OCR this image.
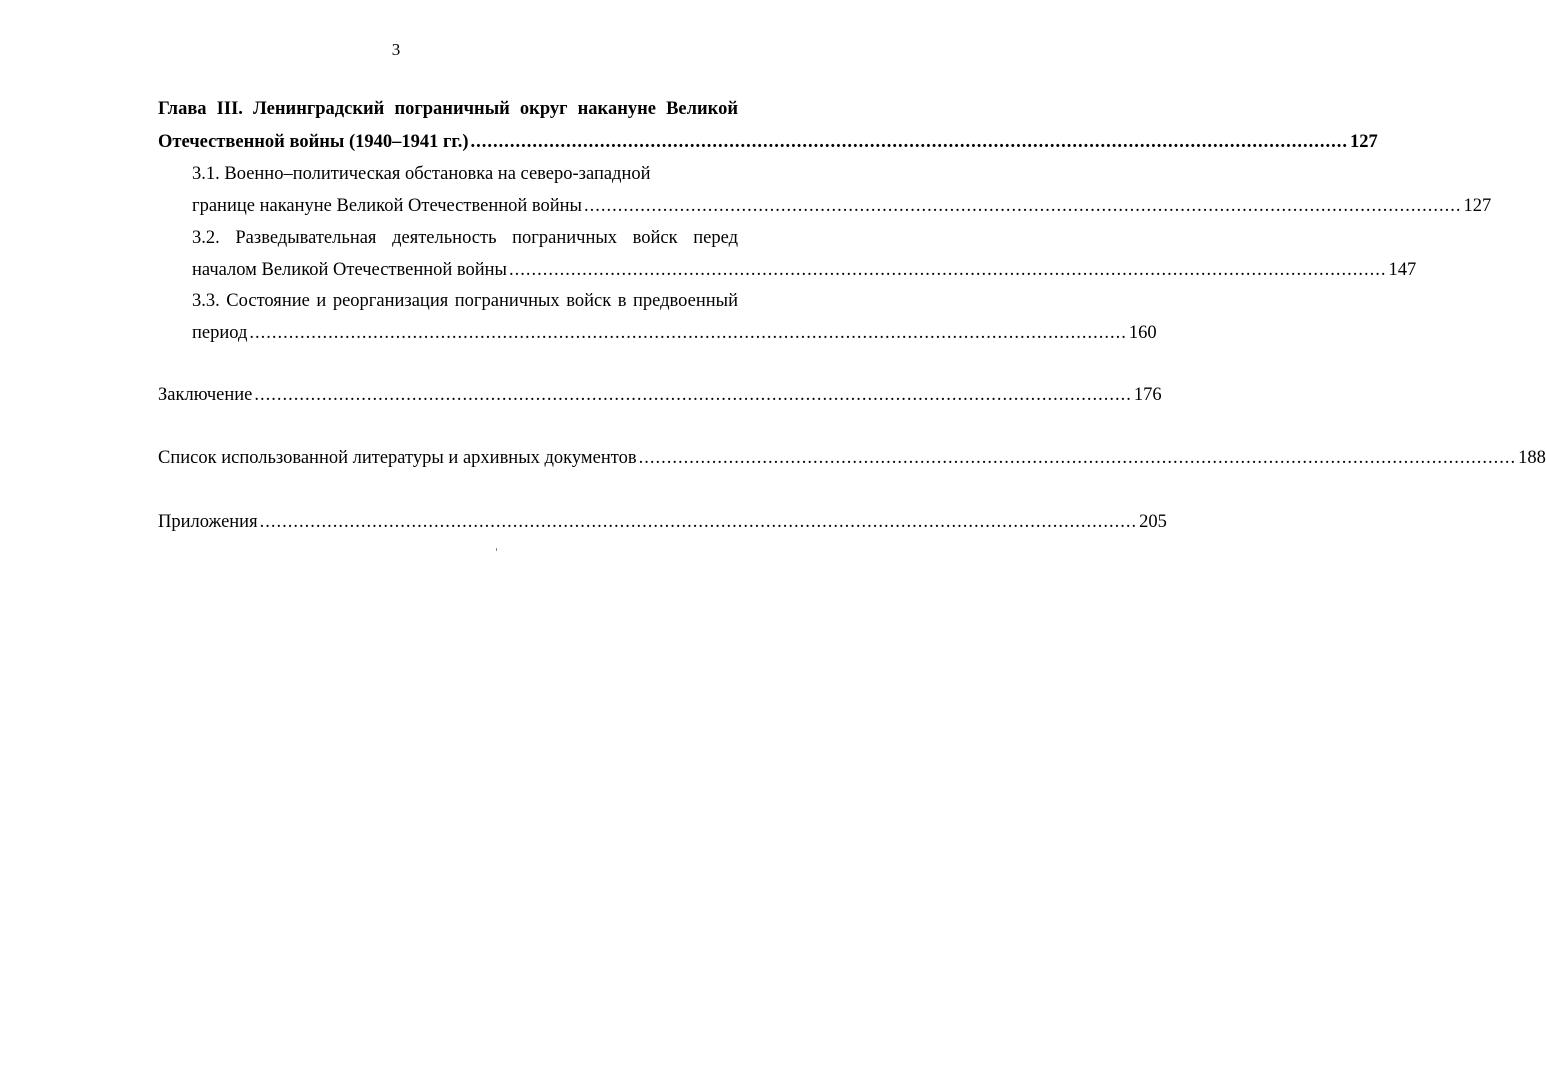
3
Глава III. Ленинградский пограничный округ накануне Великой
Отечественной войны (1940–1941 гг.) ............................................................................................................................................................ 127
3.1. Военно–политическая обстановка на северо-западной
границе накануне Великой Отечественной войны ............................................................................................................................................................ 127
3.2. Разведывательная деятельность пограничных войск перед
началом Великой Отечественной войны ............................................................................................................................................................ 147
3.3. Состояние и реорганизация пограничных войск в предвоенный
период ............................................................................................................................................................ 160
Заключение ............................................................................................................................................................ 176
Список использованной литературы и архивных документов ............................................................................................................................................................ 188
Приложения ............................................................................................................................................................ 205
